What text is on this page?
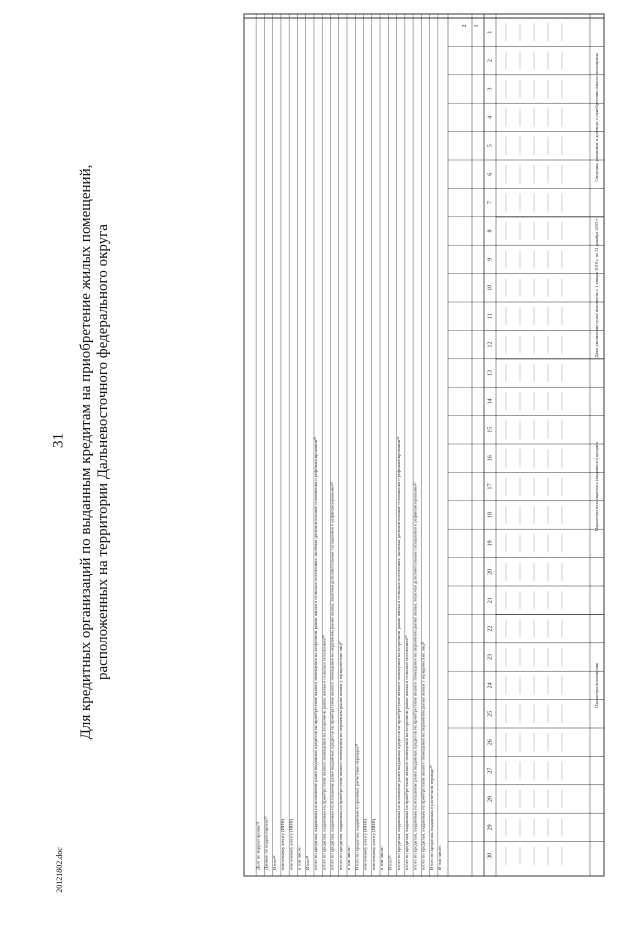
31 Для кредитных организаций по выданным кредитам на приобретение жилых помещений, расположенных на территории Дальневосточного федерального округа
1
2
3
4
5
6
7
8
9
10
11
12
13
14
15
16
17
18
19
20
21
22
23
24
25
26
27
28
29
30
1
2
Сведения, указанные в договоре о приобретении жилого помещения
Даты увеличения сумм/ выплачено с 1 января 2019 г. по 31 декабря 2023 г.
Параметры возмещаемого (выданного) кредита
Параметры возмещения
В том числе:
Итого по кредитам, выданным в расчетном периоде²⁰
итого по кредитам, выданным на приобретение жилого помещения на первичном рынке жилья у юридических лиц²¹
итого по кредитам, выданным на погашение ранее выданных кредитов на приобретение жилого помещения на первичном рынке жилья, включая дополнительные соглашения о рефинансировании²²
итого по кредитам, выданным на приобретение жилого помещения на вторичном рынке жилья в сельских поселениях²³
итого по кредитам, выданным на погашение ранее выданных кредитов на приобретение жилого помещения на вторичном рынке жилья в сельских поселениях, включая дополнительные соглашения о рефинансировании²⁴
Итого²⁵
в том числе:
ипотечному агенту (ИНН)
ипотечному агенту (ИНН)
Итого по кредитам, выданным в прошлых расчетных периодах²⁶
в том числе:
итого по кредитам, выданным на приобретение жилого помещения на первичном рынке жилья у юридических лиц²⁷
итого по кредитам, выданным на погашение ранее выданных кредитов на приобретение жилого помещения на первичном рынке жилья, включая дополнительные соглашения о рефинансировании²⁸
итого по кредитам, выданным на приобретение жилого помещения на вторичном рынке жилья в сельских поселениях²⁹
итого по кредитам, выданным на погашение ранее выданных кредитов на приобретение жилого помещения на вторичном рынке жилья в сельских поселениях, включая дополнительные соглашения о рефинансировании³⁰
Итого³¹
в том числе:
ипотечному агенту (ИНН)
ипотечному агенту (ИНН)
Итого³²
Данные по корректировке³³
Долг по корректировке³⁴
20121802.doc
